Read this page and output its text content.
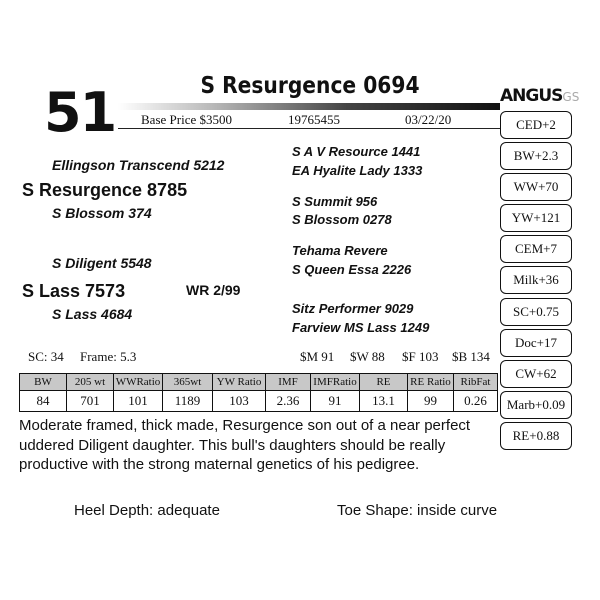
51	S Resurgence 0694
Base Price $3500	19765455	03/22/20
ANGUSGS
CED+2
BW+2.3
WW+70
YW+121
CEM+7
Milk+36
SC+0.75
Doc+17
CW+62
Marb+0.09
RE+0.88
Ellingson Transcend 5212
S Resurgence 8785
S Blossom 374
S Diligent 5548
S Lass 7573	WR 2/99
S Lass 4684
S A V Resource 1441
EA Hyalite Lady 1333
S Summit 956
S Blossom 0278
Tehama Revere
S Queen Essa 2226
Sitz Performer 9029
Farview MS Lass 1249
SC: 34 Frame: 5.3	$M 91 $W 88 $F 103 $B 134
BW	205 wt	WWRatio	365wt	YW Ratio	IMF	IMFRatio	RE	RE Ratio	RibFat
84	701	101	1189	103	2.36	91	13.1	99	0.26
Moderate framed, thick made, Resurgence son out of a near perfect uddered Diligent daughter. This bull's daughters should be really productive with the strong maternal genetics of his pedigree.
Heel Depth: adequate	Toe Shape: inside curve
